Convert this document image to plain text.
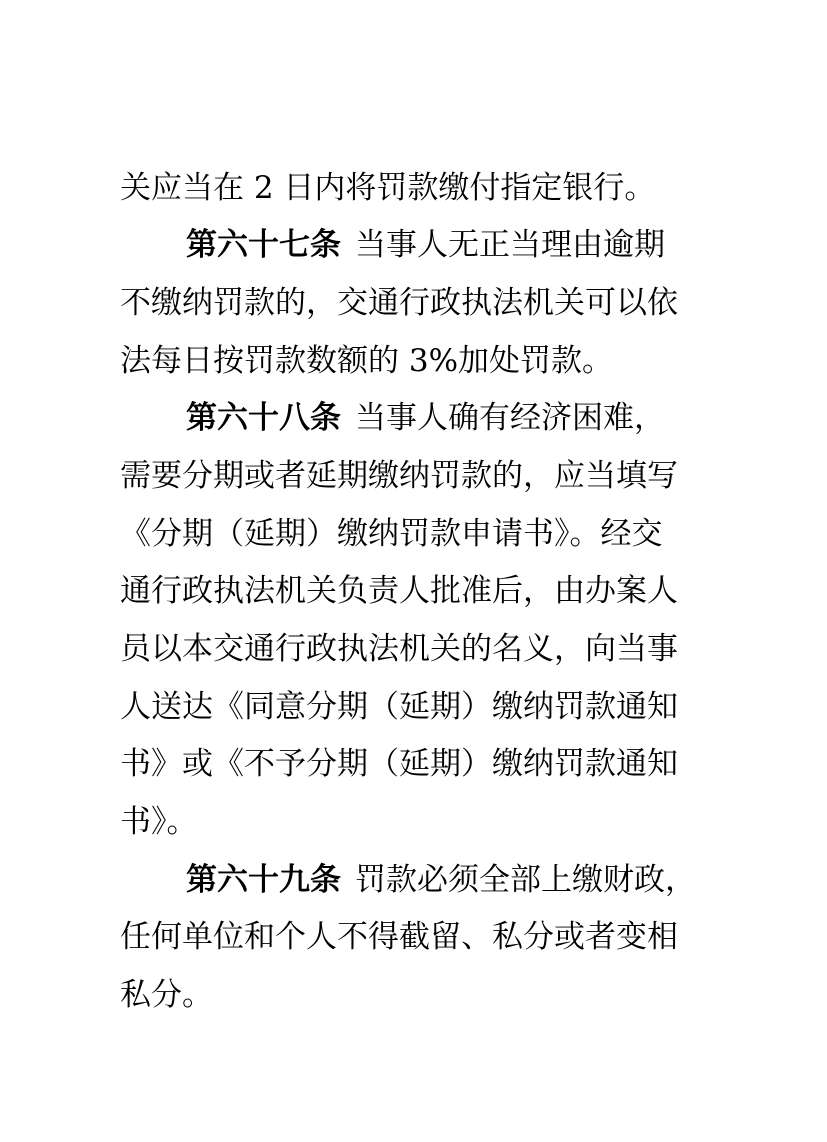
关应当在 2 日内将罚款缴付指定银行。
第六十七条 当事人无正当理由逾期
不缴纳罚款的，交通行政执法机关可以依
法每日按罚款数额的 3%加处罚款。
第六十八条 当事人确有经济困难，
需要分期或者延期缴纳罚款的，应当填写
《分期（延期）缴纳罚款申请书》。经交
通行政执法机关负责人批准后，由办案人
员以本交通行政执法机关的名义，向当事
人送达《同意分期（延期）缴纳罚款通知
书》或《不予分期（延期）缴纳罚款通知
书》。
第六十九条 罚款必须全部上缴财政，
任何单位和个人不得截留、私分或者变相
私分。
